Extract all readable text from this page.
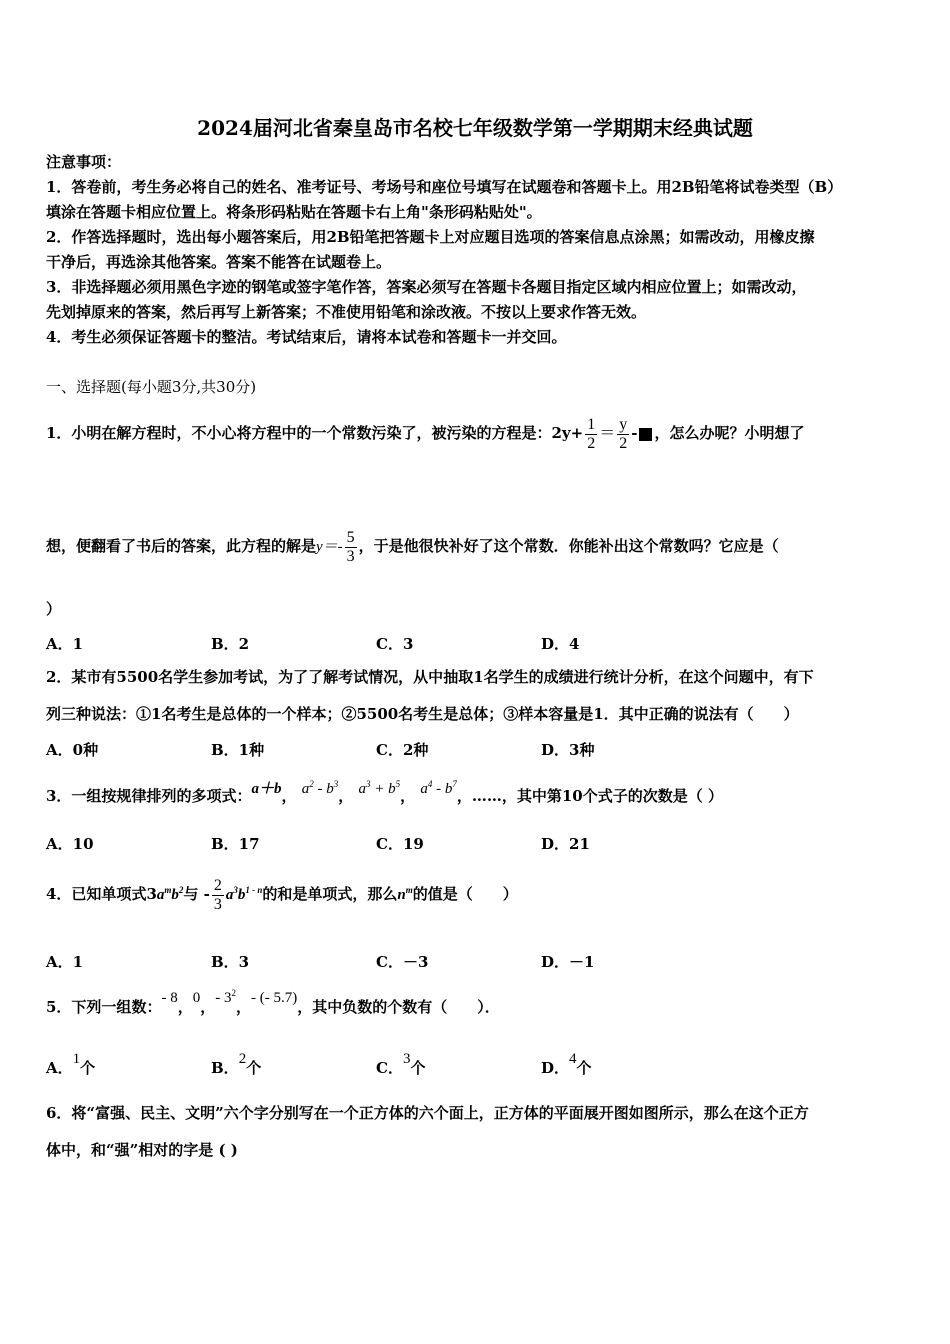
2024届河北省秦皇岛市名校七年级数学第一学期期末经典试题
注意事项：
1．答卷前，考生务必将自己的姓名、准考证号、考场号和座位号填写在试题卷和答题卡上。用2B铅笔将试卷类型（B）
填涂在答题卡相应位置上。将条形码粘贴在答题卡右上角"条形码粘贴处"。
2．作答选择题时，选出每小题答案后，用2B铅笔把答题卡上对应题目选项的答案信息点涂黑；如需改动，用橡皮擦
干净后，再选涂其他答案。答案不能答在试题卷上。
3．非选择题必须用黑色字迹的钢笔或签字笔作答，答案必须写在答题卡各题目指定区域内相应位置上；如需改动，
先划掉原来的答案，然后再写上新答案；不准使用铅笔和涂改液。不按以上要求作答无效。
4．考生必须保证答题卡的整洁。考试结束后，请将本试卷和答题卡一并交回。
一、选择题(每小题3分,共30分)
1．小明在解方程时，不小心将方程中的一个常数污染了，被污染的方程是：$2y+ \frac{1}{2} = \frac{y}{2}$ - ，怎么办呢？小明想了
想，便翻看了书后的答案，此方程的解是$y=- \frac{5}{3}$ ，于是他很快补好了这个常数．你能补出这个常数吗？它应是（
）
A．1	B．2	C．3	D．4
2．某市有5500名学生参加考试，为了了解考试情况，从中抽取1名学生的成绩进行统计分析，在这个问题中，有下
列三种说法：①1名考生是总体的一个样本；②5500名考生是总体；③样本容量是1．其中正确的说法有（　　）
A．0种	B．1种	C．2种	D．3种
3．一组按规律排列的多项式：a＋b， $a^2 - b^3$， $a^3 + b^5$， $a^4 - b^7$，……，其中第10个式子的次数是（ ）
A．10	B．17	C．19	D．21
4．已知单项式$3a^mb^2$与 - $\frac{2}{3} a^3b^{1 - n}$的和是单项式，那么$n^m$的值是（　　）
A．1	B．3	C．－3	D．－1
5．下列一组数：- 8，0，- $3^2$，- (- 5.7)，其中负数的个数有（　　）．
A．1个	B．2个	C．3个	D．4个
6．将“富强、民主、文明”六个字分别写在一个正方体的六个面上，正方体的平面展开图如图所示，那么在这个正方
体中，和“强”相对的字是 ( )
